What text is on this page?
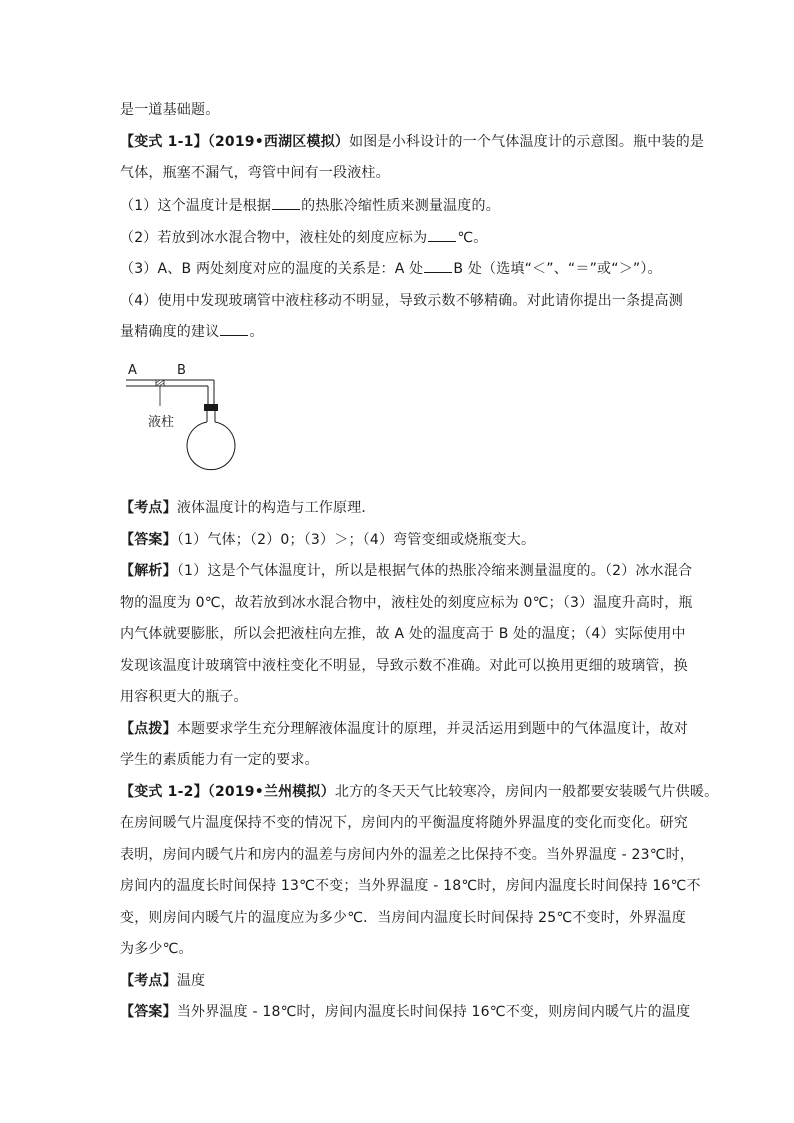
是一道基础题。
【变式 1-1】（2019•西湖区模拟）如图是小科设计的一个气体温度计的示意图。瓶中装的是
气体，瓶塞不漏气，弯管中间有一段液柱。
（1）这个温度计是根据 的热胀冷缩性质来测量温度的。
（2）若放到冰水混合物中，液柱处的刻度应标为 ℃。
（3）A、B 两处刻度对应的温度的关系是：A 处 B 处（选填“＜”、“＝”或“＞”）。
（4）使用中发现玻璃管中液柱移动不明显，导致示数不够精确。对此请你提出一条提高测
量精确度的建议 。
A	B
液柱
【考点】液体温度计的构造与工作原理．
【答案】（1）气体；（2）0；（3）＞；（4）弯管变细或烧瓶变大。
【解析】（1）这是个气体温度计，所以是根据气体的热胀冷缩来测量温度的。（2）冰水混合
物的温度为 0℃，故若放到冰水混合物中，液柱处的刻度应标为 0℃；（3）温度升高时，瓶
内气体就要膨胀，所以会把液柱向左推，故 A 处的温度高于 B 处的温度；（4）实际使用中
发现该温度计玻璃管中液柱变化不明显，导致示数不准确。对此可以换用更细的玻璃管，换
用容积更大的瓶子。
【点拨】本题要求学生充分理解液体温度计的原理，并灵活运用到题中的气体温度计，故对
学生的素质能力有一定的要求。
【变式 1-2】（2019•兰州模拟）北方的冬天天气比较寒冷，房间内一般都要安装暖气片供暖。
在房间暖气片温度保持不变的情况下，房间内的平衡温度将随外界温度的变化而变化。研究
表明，房间内暖气片和房内的温差与房间内外的温差之比保持不变。当外界温度 - 23℃时，
房间内的温度长时间保持 13℃不变；当外界温度 - 18℃时，房间内温度长时间保持 16℃不
变，则房间内暖气片的温度应为多少℃．当房间内温度长时间保持 25℃不变时，外界温度
为多少℃。
【考点】温度
【答案】当外界温度 - 18℃时，房间内温度长时间保持 16℃不变，则房间内暖气片的温度
